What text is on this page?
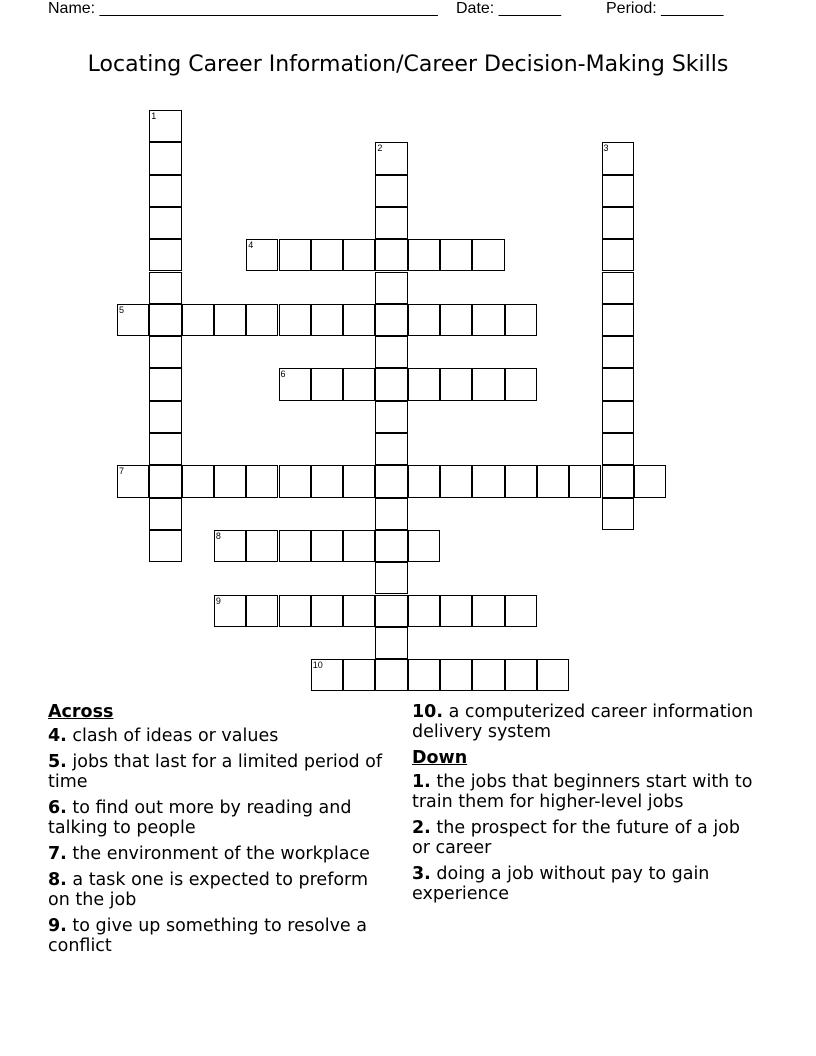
Name: ______________________________________ Date: _______	Period: _______
Locating Career Information/Career Decision-Making Skills
1
2	3
4
5
6
7
8
9
10
Across
4. clash of ideas or values
5. jobs that last for a limited period of time
6. to find out more by reading and talking to people
7. the environment of the workplace
8. a task one is expected to preform on the job
9. to give up something to resolve a conflict
10. a computerized career information delivery system
Down
1. the jobs that beginners start with to train them for higher-level jobs
2. the prospect for the future of a job or career
3. doing a job without pay to gain experience
